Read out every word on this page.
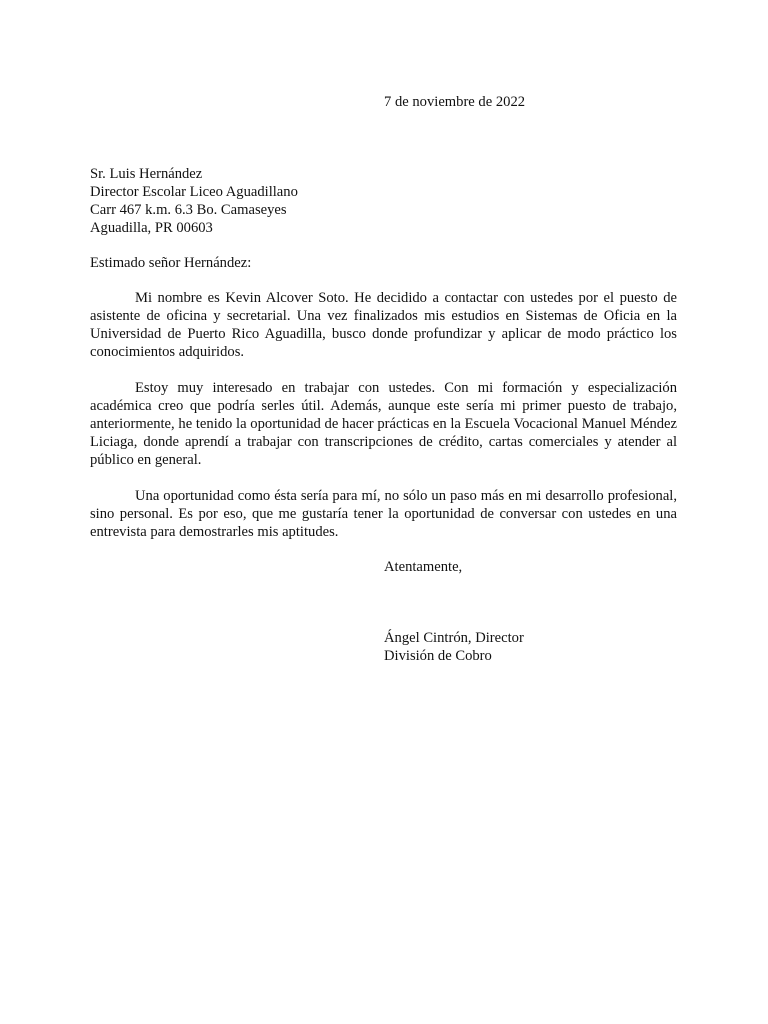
7 de noviembre de 2022
Sr. Luis Hernández
Director Escolar Liceo Aguadillano
Carr 467 k.m. 6.3 Bo. Camaseyes
Aguadilla, PR 00603
Estimado señor Hernández:

Mi nombre es Kevin Alcover Soto. He decidido a contactar con ustedes por el puesto de asistente de oficina y secretarial. Una vez finalizados mis estudios en Sistemas de Oficia en la Universidad de Puerto Rico Aguadilla, busco donde profundizar y aplicar de modo práctico los conocimientos adquiridos.

Estoy muy interesado en trabajar con ustedes. Con mi formación y especialización académica creo que podría serles útil. Además, aunque este sería mi primer puesto de trabajo, anteriormente, he tenido la oportunidad de hacer prácticas en la Escuela Vocacional Manuel Méndez Liciaga, donde aprendí a trabajar con transcripciones de crédito, cartas comerciales y atender al público en general.

Una oportunidad como ésta sería para mí, no sólo un paso más en mi desarrollo profesional, sino personal. Es por eso, que me gustaría tener la oportunidad de conversar con ustedes en una entrevista para demostrarles mis aptitudes.

Atentamente,
Ángel Cintrón, Director
División de Cobro
